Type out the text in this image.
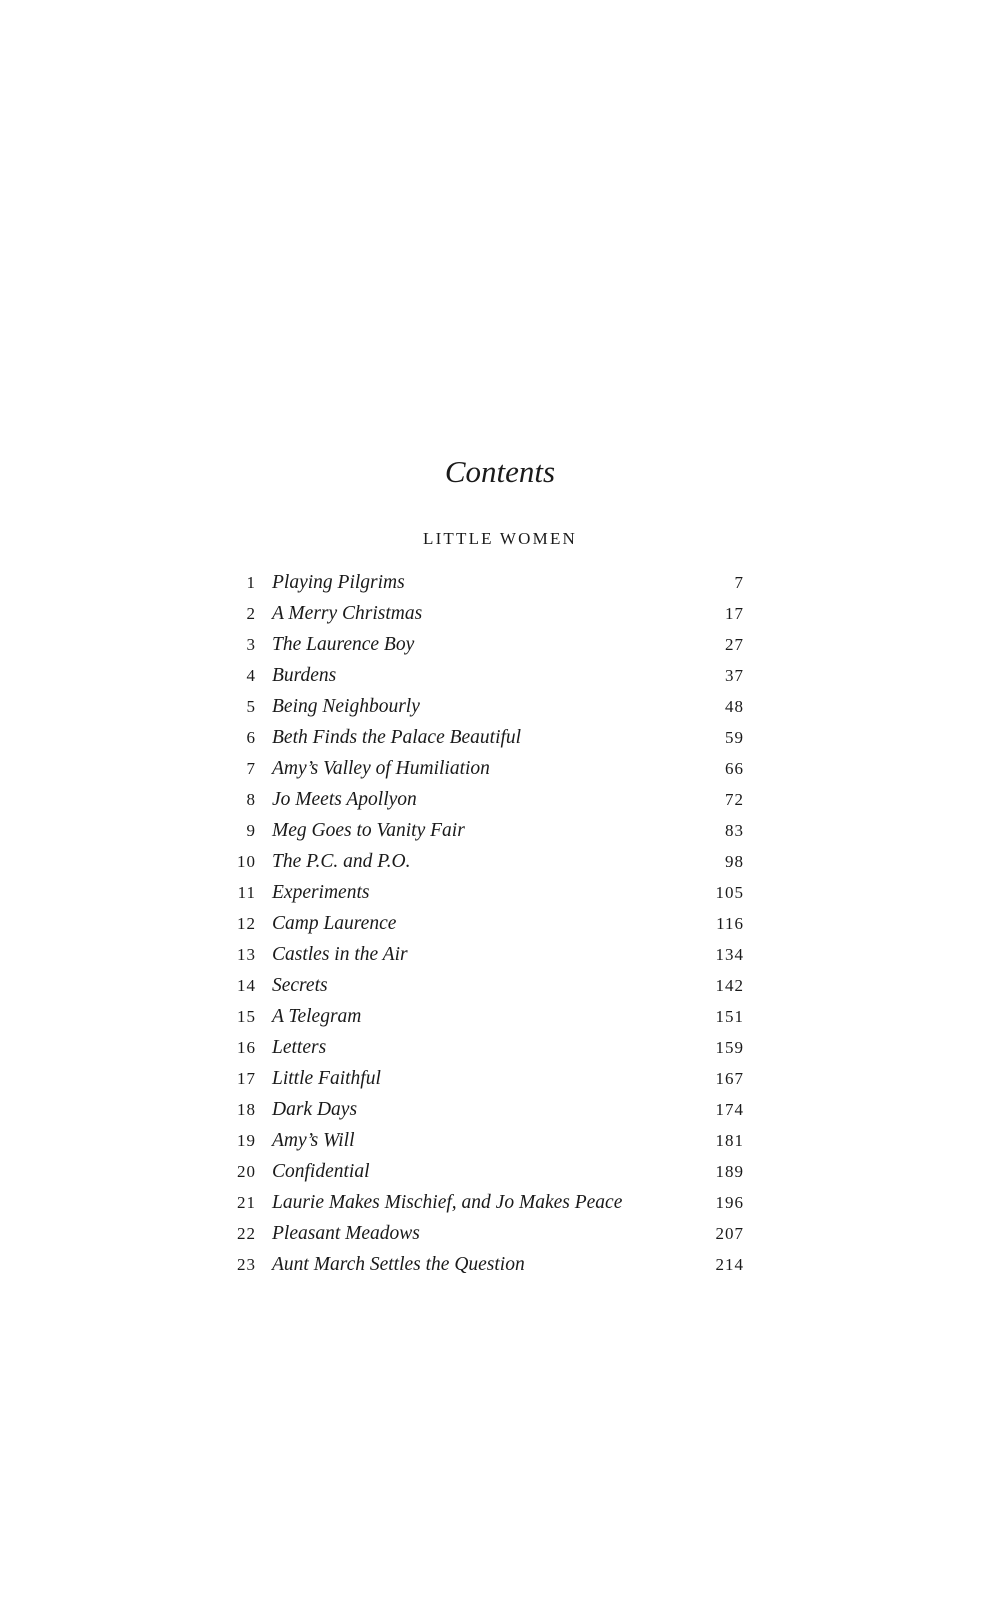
Contents
LITTLE WOMEN
1 Playing Pilgrims	7
2 A Merry Christmas	17
3 The Laurence Boy	27
4 Burdens	37
5 Being Neighbourly	48
6 Beth Finds the Palace Beautiful	59
7 Amy’s Valley of Humiliation	66
8 Jo Meets Apollyon	72
9 Meg Goes to Vanity Fair	83
10 The P.C. and P.O.	98
11 Experiments	105
12 Camp Laurence	116
13 Castles in the Air	134
14 Secrets	142
15 A Telegram	151
16 Letters	159
17 Little Faithful	167
18 Dark Days	174
19 Amy’s Will	181
20 Confidential	189
21 Laurie Makes Mischief, and Jo Makes Peace	196
22 Pleasant Meadows	207
23 Aunt March Settles the Question	214
